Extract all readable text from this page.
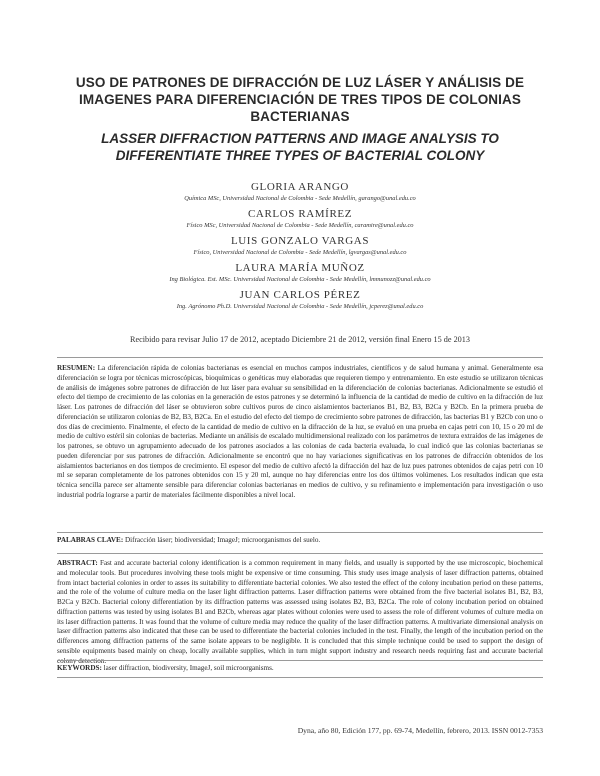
USO DE PATRONES DE DIFRACCIÓN DE LUZ LÁSER Y ANÁLISIS DE IMAGENES PARA DIFERENCIACIÓN DE TRES TIPOS DE COLONIAS BACTERIANAS
LASSER DIFFRACTION PATTERNS AND IMAGE ANALYSIS TO DIFFERENTIATE THREE TYPES OF BACTERIAL COLONY
GLORIA ARANGO
Química MSc, Universidad Nacional de Colombia - Sede Medellín, garango@unal.edu.co
CARLOS RAMÍREZ
Físico MSc, Universidad Nacional de Colombia - Sede Medellín, caramire@unal.edu.co
LUIS GONZALO VARGAS
Físico, Universidad Nacional de Colombia - Sede Medellín, lgvargas@unal.edu.co
LAURA MARÍA MUÑOZ
Ing Biológica. Est. MSc. Universidad Nacional de Colombia - Sede Medellín, lmmunozz@unal.edu.co
JUAN CARLOS PÉREZ
Ing. Agrónomo Ph.D. Universidad Nacional de Colombia - Sede Medellín, jcperez@unal.edu.co
Recibido para revisar Julio 17 de 2012, aceptado Diciembre 21 de 2012, versión final Enero 15 de 2013
RESUMEN: La diferenciación rápida de colonias bacterianas es esencial en muchos campos industriales, científicos y de salud humana y animal. Generalmente esa diferenciación se logra por técnicas microscópicas, bioquímicas o genéticas muy elaboradas que requieren tiempo y entrenamiento. En este estudio se utilizaron técnicas de análisis de imágenes sobre patrones de difracción de luz láser para evaluar su sensibilidad en la diferenciación de colonias bacterianas. Adicionalmente se estudió el efecto del tiempo de crecimiento de las colonias en la generación de estos patrones y se determinó la influencia de la cantidad de medio de cultivo en la difracción de luz láser. Los patrones de difracción del láser se obtuvieron sobre cultivos puros de cinco aislamientos bacterianos B1, B2, B3, B2Ca y B2Cb. En la primera prueba de diferenciación se utilizaron colonias de B2, B3, B2Ca. En el estudio del efecto del tiempo de crecimiento sobre patrones de difracción, las bacterias B1 y B2Cb con uno o dos días de crecimiento. Finalmente, el efecto de la cantidad de medio de cultivo en la difracción de la luz, se evaluó en una prueba en cajas petri con 10, 15 o 20 ml de medio de cultivo estéril sin colonias de bacterias. Mediante un análisis de escalado multidimensional realizado con los parámetros de textura extraídos de las imágenes de los patrones, se obtuvo un agrupamiento adecuado de los patrones asociados a las colonias de cada bacteria evaluada, lo cual indicó que las colonias bacterianas se pueden diferenciar por sus patrones de difracción. Adicionalmente se encontró que no hay variaciones significativas en los patrones de difracción obtenidos de los aislamientos bacterianos en dos tiempos de crecimiento. El espesor del medio de cultivo afectó la difracción del haz de luz pues patrones obtenidos de cajas petri con 10 ml se separan completamente de los patrones obtenidos con 15 y 20 ml, aunque no hay diferencias entre los dos últimos volúmenes. Los resultados indican que esta técnica sencilla parece ser altamente sensible para diferenciar colonias bacterianas en medios de cultivo, y su refinamiento e implementación para investigación o uso industrial podría lograrse a partir de materiales fácilmente disponibles a nivel local.
PALABRAS CLAVE: Difracción láser; biodiversidad; ImageJ; microorganismos del suelo.
ABSTRACT: Fast and accurate bacterial colony identification is a common requirement in many fields, and usually is supported by the use microscopic, biochemical and molecular tools. But procedures involving these tools might be expensive or time consuming. This study uses image analysis of laser diffraction patterns, obtained from intact bacterial colonies in order to asses its suitability to differentiate bacterial colonies. We also tested the effect of the colony incubation period on these patterns, and the role of the volume of culture media on the laser light diffraction patterns. Laser diffraction patterns were obtained from the five bacterial isolates B1, B2, B3, B2Ca y B2Cb. Bacterial colony differentiation by its diffraction patterns was assessed using isolates B2, B3, B2Ca. The role of colony incubation period on obtained diffraction patterns was tested by using isolates B1 and B2Cb, whereas agar plates without colonies were used to assess the role of different volumes of culture media on its laser diffraction patterns. It was found that the volume of culture media may reduce the quality of the laser diffraction patterns. A multivariate dimensional analysis on laser diffraction patterns also indicated that these can be used to differentiate the bacterial colonies included in the test. Finally, the length of the incubation period on the differences among diffraction patterns of the same isolate appears to be negligible. It is concluded that this simple technique could be used to support the design of sensible equipments based mainly on cheap, locally available supplies, which in turn might support industry and research needs requiring fast and accurate bacterial
KEYWORDS: laser diffraction, biodiversity, ImageJ, soil microorganisms.
Dyna, año 80, Edición 177, pp. 69-74, Medellín, febrero, 2013. ISSN 0012-7353
